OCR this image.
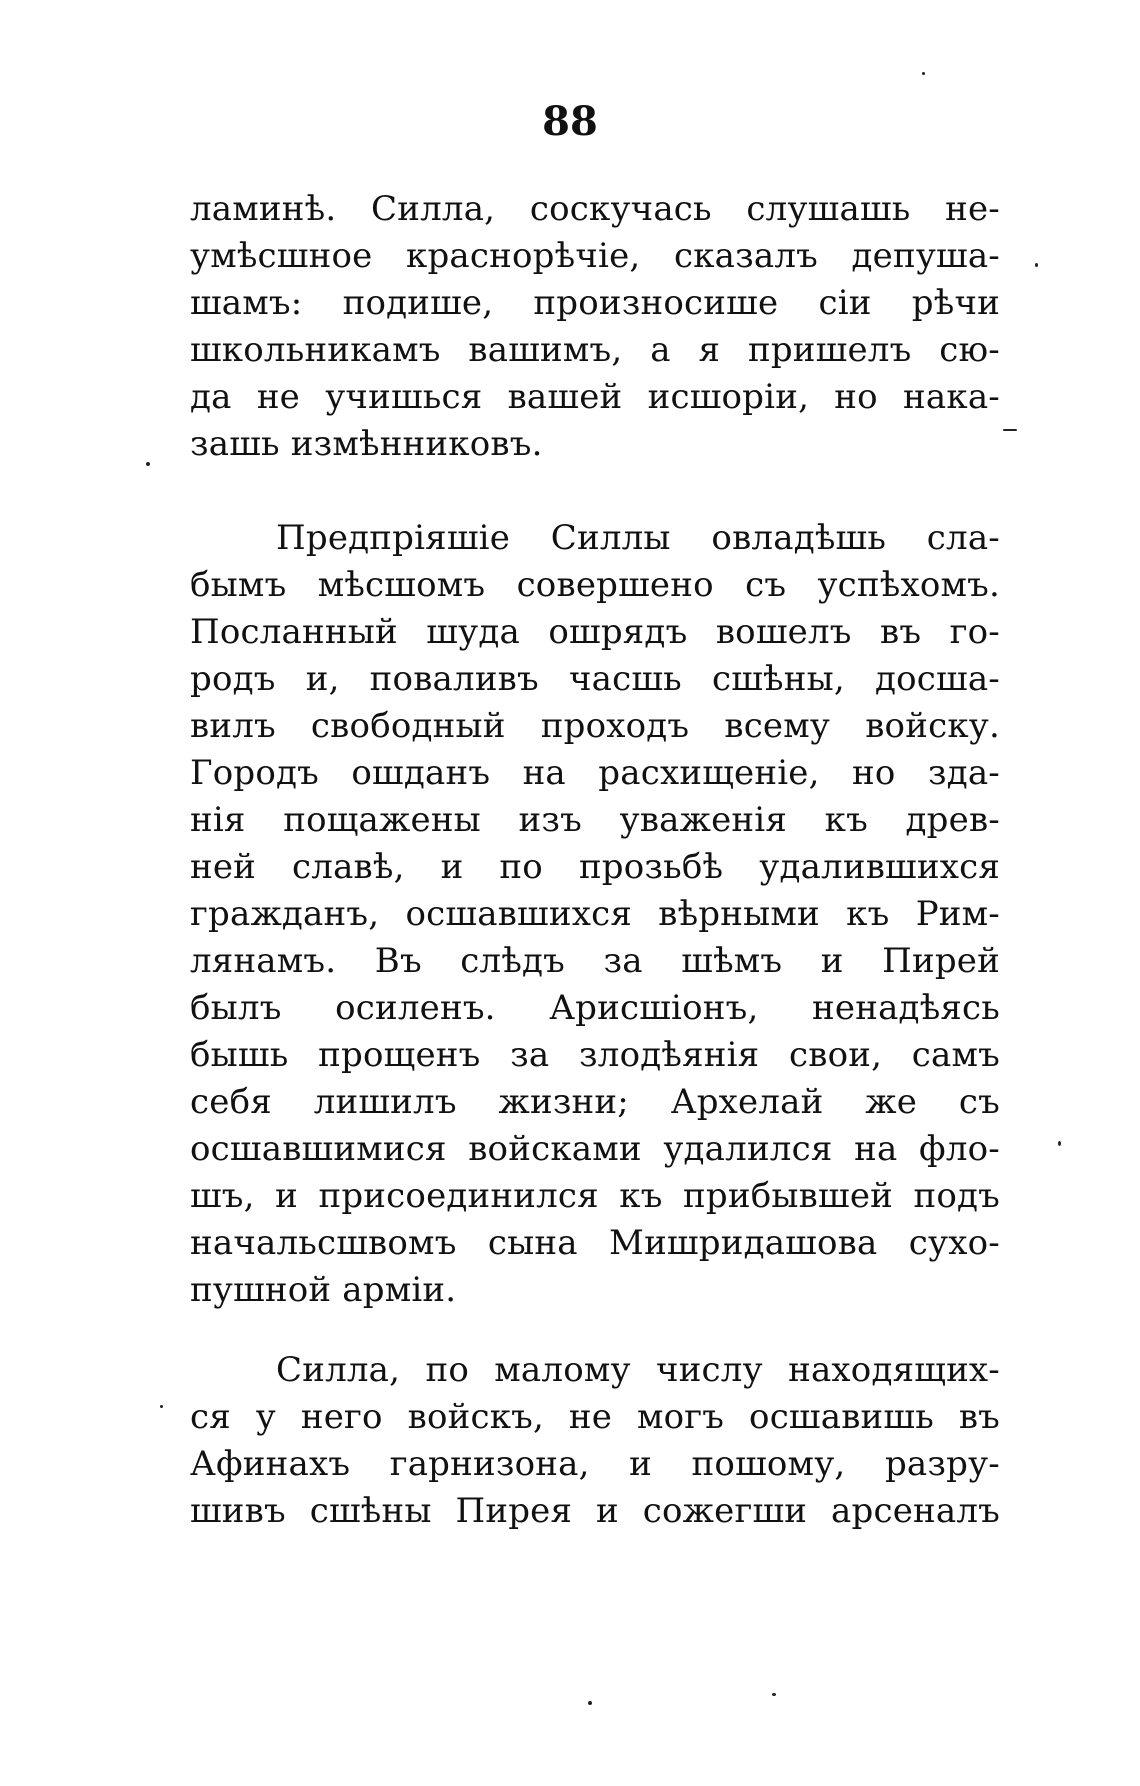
88
ламинѣ. Силла, соскучась слушашь не-
умѣсшное краснорѣчіе, сказалъ депуша-
шамъ: подише, произносише сіи рѣчи
школьникамъ вашимъ, а я пришелъ сю-
да не учишься вашей исшоріи, но нака-
зашь измѣнниковъ.
Предпріяшіе Силлы овладѣшь сла-
бымъ мѣсшомъ совершено съ успѣхомъ.
Посланный шуда ошрядъ вошелъ въ го-
родъ и, поваливъ часшь сшѣны, досша-
вилъ свободный проходъ всему войску.
Городъ ошданъ на расхищеніе, но зда-
нія пощажены изъ уваженія къ древ-
ней славѣ, и по прозьбѣ удалившихся
гражданъ, осшавшихся вѣрными къ Рим-
лянамъ. Въ слѣдъ за шѣмъ и Пирей
былъ осиленъ. Арисшіонъ, ненадѣясь
бышь прощенъ за злодѣянія свои, самъ
себя лишилъ жизни; Архелай же съ
осшавшимися войсками удалился на фло-
шъ, и присоединился къ прибывшей подъ
начальсшвомъ сына Мишридашова сухо-
пушной арміи.
Силла, по малому числу находящих-
ся у него войскъ, не могъ осшавишь въ
Афинахъ гарнизона, и пошому, разру-
шивъ сшѣны Пирея и сожегши арсеналъ
